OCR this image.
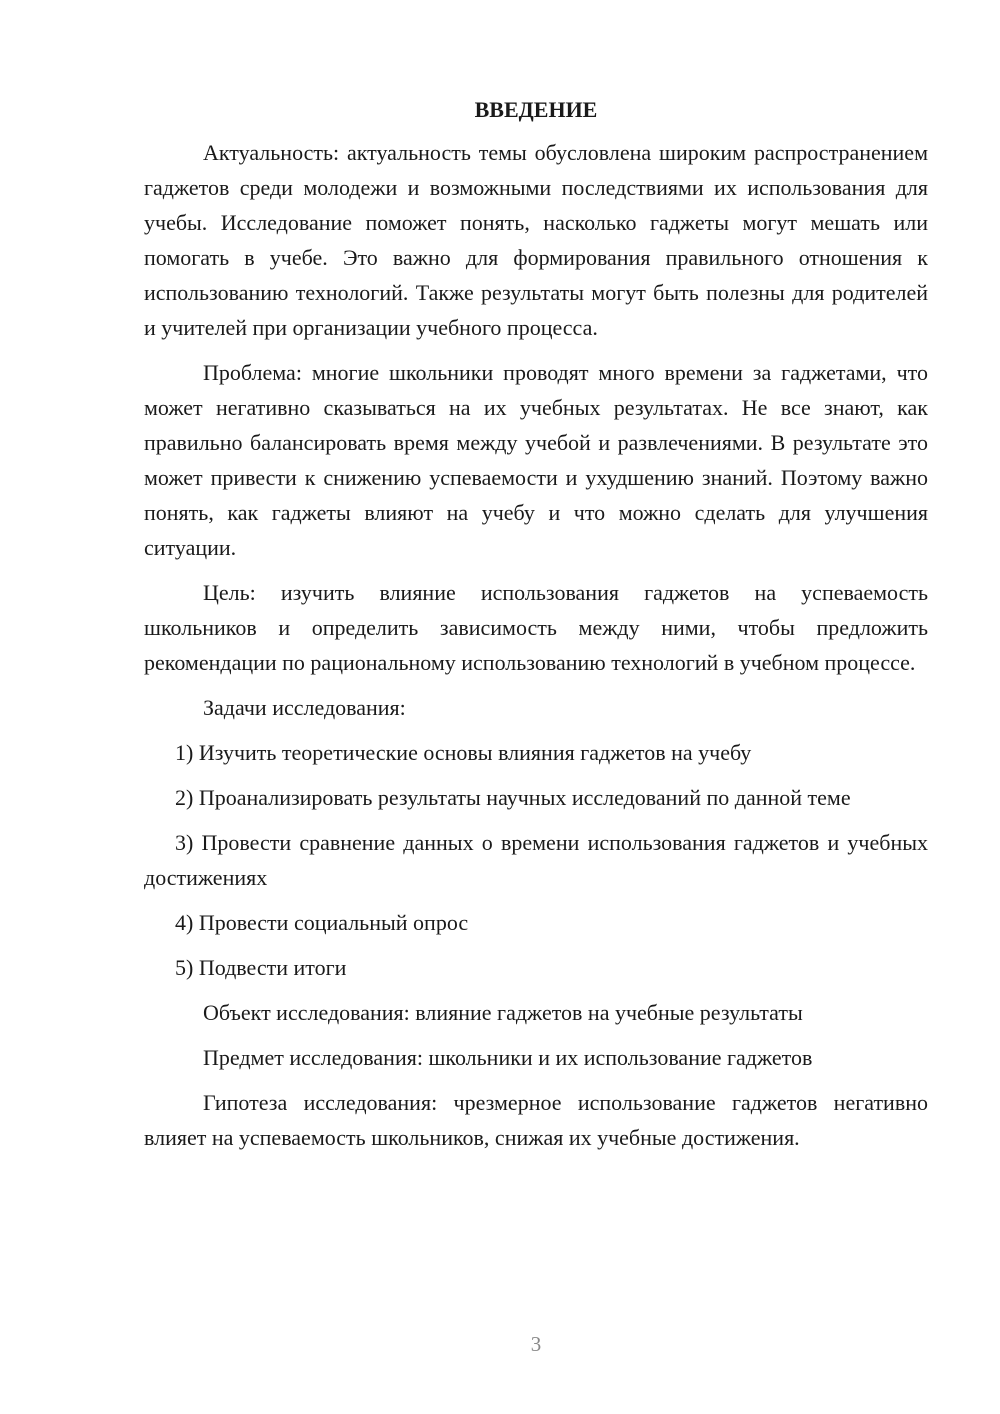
ВВЕДЕНИЕ

Актуальность: актуальность темы обусловлена широким распространением гаджетов среди молодежи и возможными последствиями их использования для учебы. Исследование поможет понять, насколько гаджеты могут мешать или помогать в учебе. Это важно для формирования правильного отношения к использованию технологий. Также результаты могут быть полезны для родителей и учителей при организации учебного процесса.

Проблема: многие школьники проводят много времени за гаджетами, что может негативно сказываться на их учебных результатах. Не все знают, как правильно балансировать время между учебой и развлечениями. В результате это может привести к снижению успеваемости и ухудшению знаний. Поэтому важно понять, как гаджеты влияют на учебу и что можно сделать для улучшения ситуации.

Цель: изучить влияние использования гаджетов на успеваемость школьников и определить зависимость между ними, чтобы предложить рекомендации по рациональному использованию технологий в учебном процессе.

Задачи исследования:

1) Изучить теоретические основы влияния гаджетов на учебу

2) Проанализировать результаты научных исследований по данной теме

3) Провести сравнение данных о времени использования гаджетов и учебных достижениях

4) Провести социальный опрос

5) Подвести итоги

Объект исследования: влияние гаджетов на учебные результаты

Предмет исследования: школьники и их использование гаджетов

Гипотеза исследования: чрезмерное использование гаджетов негативно влияет на успеваемость школьников, снижая их учебные достижения.

3
